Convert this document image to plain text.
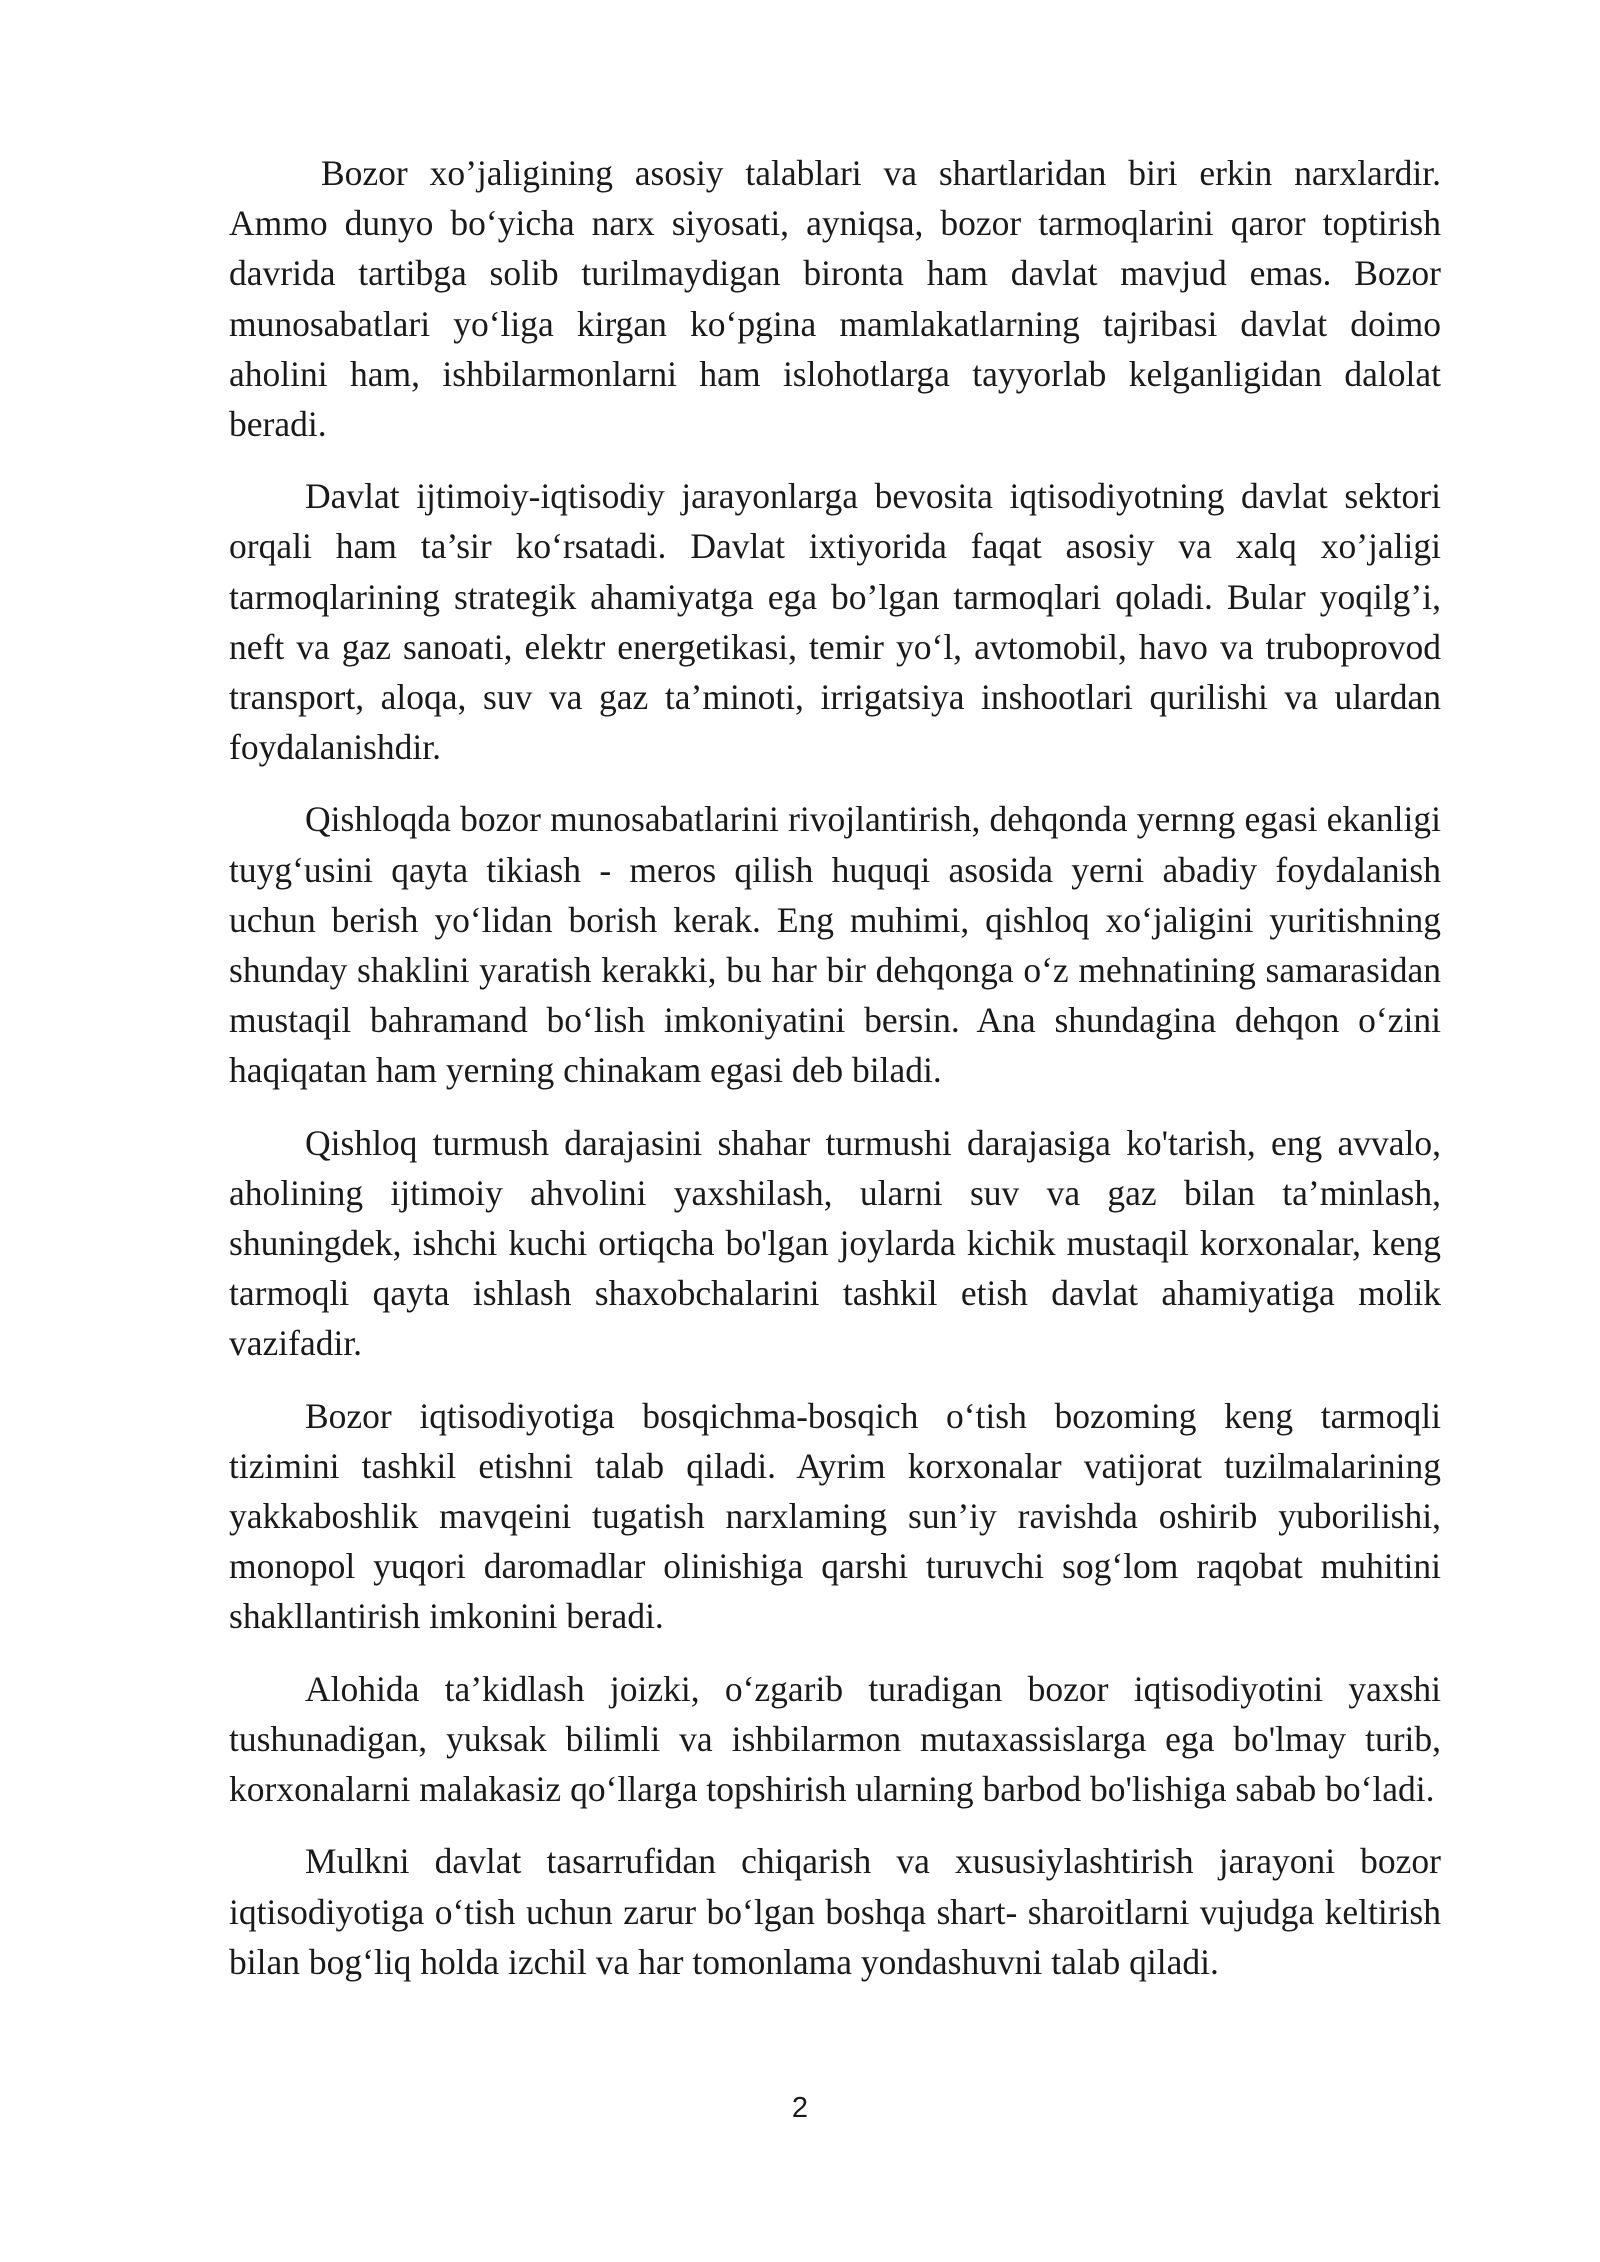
Bozor xo’jaligining asosiy talablari va shartlaridan biri erkin narxlardir. Ammo dunyo bo‘yicha narx siyosati, ayniqsa, bozor tarmoqlarini qaror toptirish davrida tartibga solib turilmaydigan bironta ham davlat mavjud emas. Bozor munosabatlari yo‘liga kirgan ko‘pgina mamlakatlarning tajribasi davlat doimo aholini ham, ishbilarmonlarni ham islohotlarga tayyorlab kelganligidan dalolat beradi.

Davlat ijtimoiy-iqtisodiy jarayonlarga bevosita iqtisodiyotning davlat sektori orqali ham ta’sir ko‘rsatadi. Davlat ixtiyorida faqat asosiy va xalq xo’jaligi tarmoqlarining strategik ahamiyatga ega bo’lgan tarmoqlari qoladi. Bular yoqilg’i, neft va gaz sanoati, elektr energetikasi, temir yo‘l, avtomobil, havo va truboprovod transport, aloqa, suv va gaz ta’minoti, irrigatsiya inshootlari qurilishi va ulardan foydalanishdir.

Qishloqda bozor munosabatlarini rivojlantirish, dehqonda yernng egasi ekanligi tuyg‘usini qayta tikiash - meros qilish huquqi asosida yerni abadiy foydalanish uchun berish yo‘lidan borish kerak. Eng muhimi, qishloq xo‘jaligini yuritishning shunday shaklini yaratish kerakki, bu har bir dehqonga o‘z mehnatining samarasidan mustaqil bahramand bo‘lish imkoniyatini bersin. Ana shundagina dehqon o‘zini haqiqatan ham yerning chinakam egasi deb biladi.

Qishloq turmush darajasini shahar turmushi darajasiga ko'tarish, eng avvalo, aholining ijtimoiy ahvolini yaxshilash, ularni suv va gaz bilan ta’minlash, shuningdek, ishchi kuchi ortiqcha bo'lgan joylarda kichik mustaqil korxonalar, keng tarmoqli qayta ishlash shaxobchalarini tashkil etish davlat ahamiyatiga molik vazifadir.

Bozor iqtisodiyotiga bosqichma-bosqich o‘tish bozoming keng tarmoqli tizimini tashkil etishni talab qiladi. Ayrim korxonalar vatijorat tuzilmalarining yakkaboshlik mavqeini tugatish narxlaming sun’iy ravishda oshirib yuborilishi, monopol yuqori daromadlar olinishiga qarshi turuvchi sog‘lom raqobat muhitini shakllantirish imkonini beradi.

Alohida ta’kidlash joizki, o‘zgarib turadigan bozor iqtisodiyotini yaxshi tushunadigan, yuksak bilimli va ishbilarmon mutaxassislarga ega bo'lmay turib, korxonalarni malakasiz qo‘llarga topshirish ularning barbod bo'lishiga sabab bo‘ladi.

Mulkni davlat tasarrufidan chiqarish va xususiylashtirish jarayoni bozor iqtisodiyotiga o‘tish uchun zarur bo‘lgan boshqa shart- sharoitlarni vujudga keltirish bilan bog‘liq holda izchil va har tomonlama yondashuvni talab qiladi.

2
